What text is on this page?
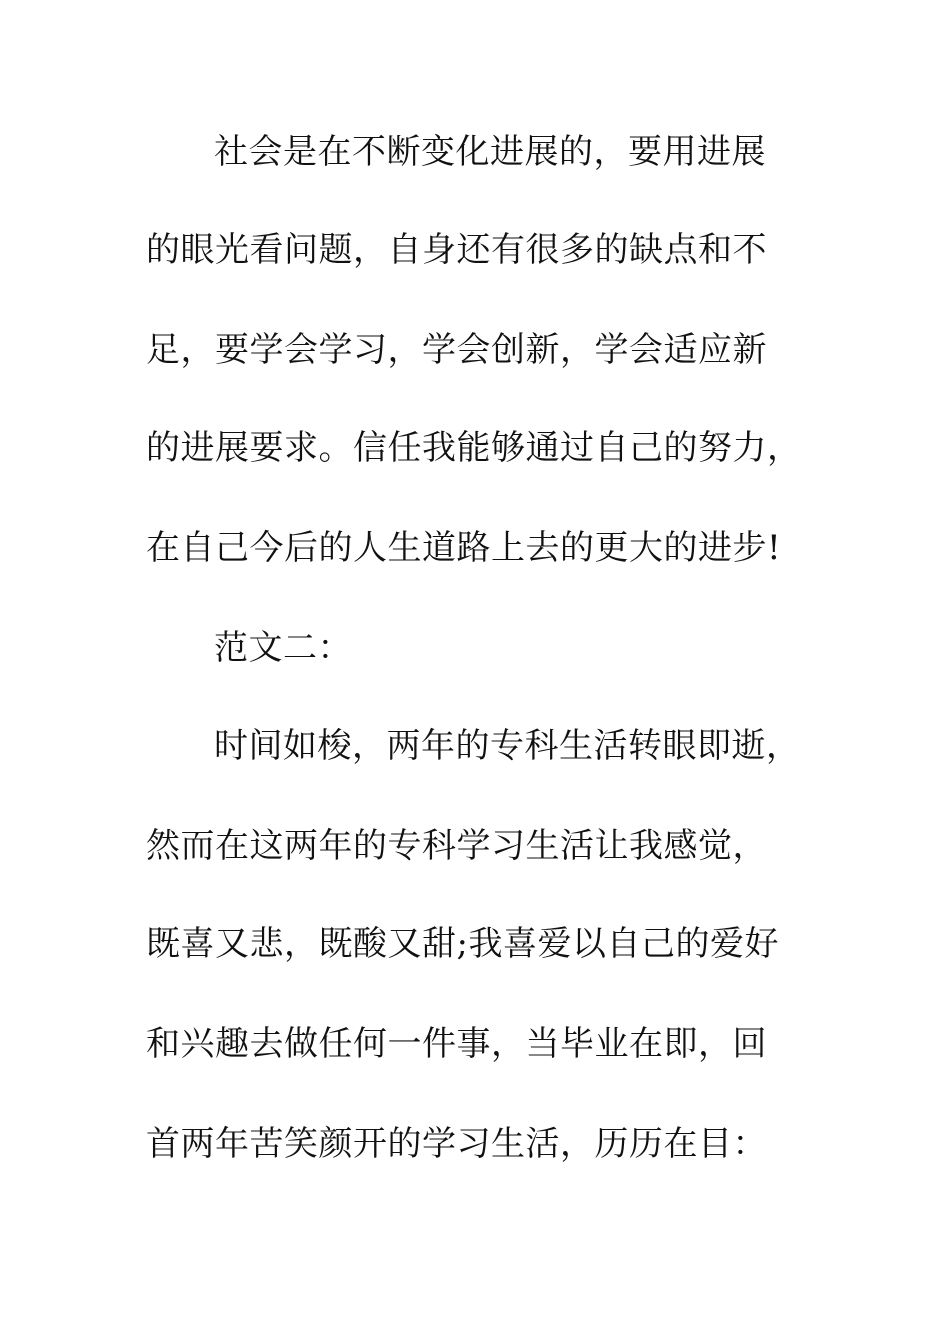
社会是在不断变化进展的，要用进展
的眼光看问题，自身还有很多的缺点和不
足，要学会学习，学会创新，学会适应新
的进展要求。信任我能够通过自己的努力，
在自己今后的人生道路上去的更大的进步!
范文二：
时间如梭，两年的专科生活转眼即逝，
然而在这两年的专科学习生活让我感觉，
既喜又悲，既酸又甜;我喜爱以自己的爱好
和兴趣去做任何一件事，当毕业在即，回
首两年苦笑颜开的学习生活，历历在目：
